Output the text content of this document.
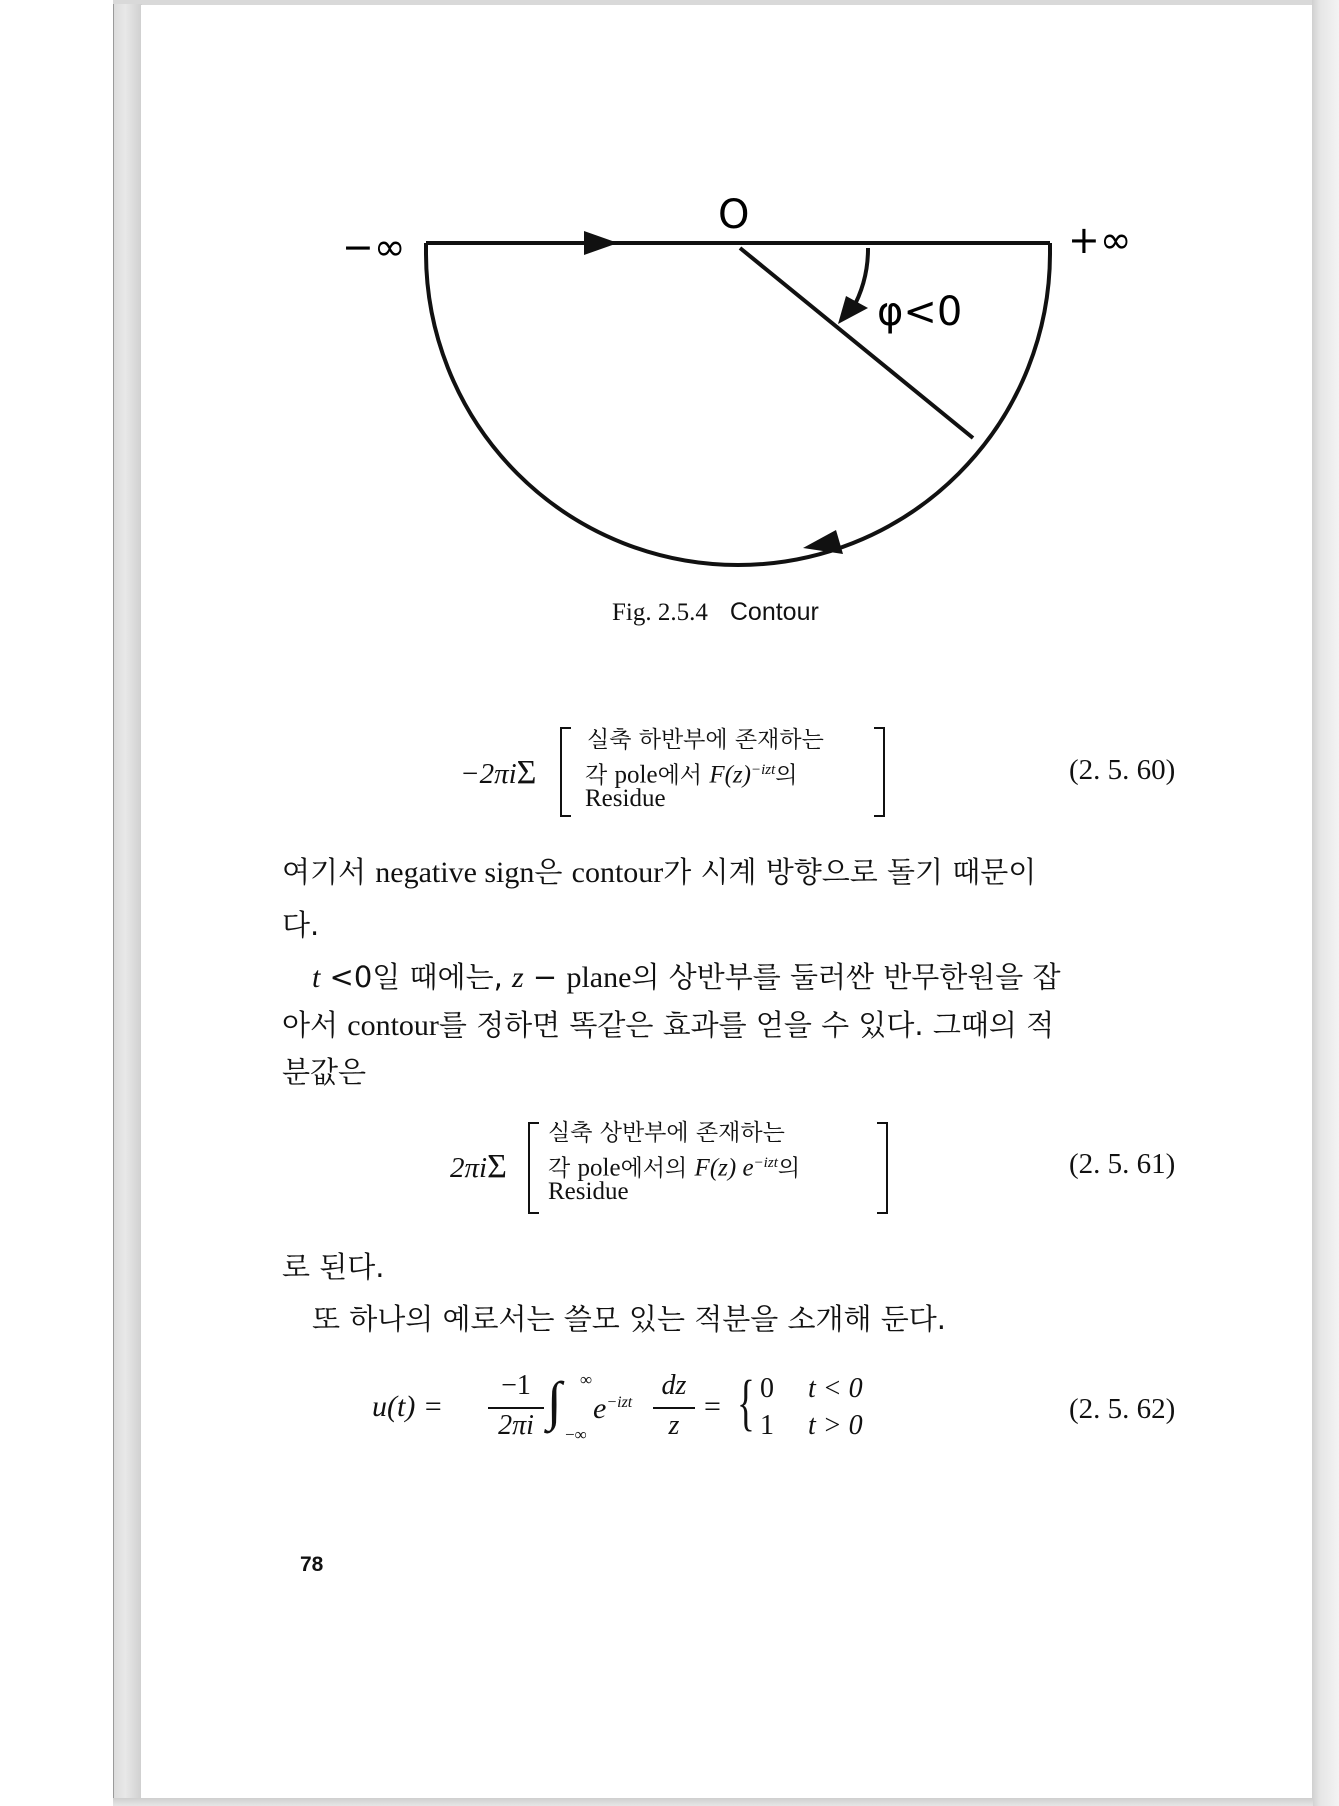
−∞	+∞
O
φ<0
Fig. 2.5.4 Contour
−2πiΣ
실축 하반부에 존재하는
각 pole에서 $F(z)^{-izt}$의
Residue
(2. 5. 60)
여기서 negative sign은 contour가 시계 방향으로 돌기 때문이
다.
t <0일 때에는, z − plane의 상반부를 둘러싼 반무한원을 잡
아서 contour를 정하면 똑같은 효과를 얻을 수 있다. 그때의 적
분값은
2πiΣ
실축 상반부에 존재하는
각 pole에서의 F(z) $e^{-izt}$의
Residue
(2. 5. 61)
로 된다.
또 하나의 예로서는 쓸모 있는 적분을 소개해 둔다.
u(t) =
−1
2πi ∫ ∞
−∞
$e^{-izt}$
dz
z
= { 0 t < 0
1 t > 0
(2. 5. 62)
78
